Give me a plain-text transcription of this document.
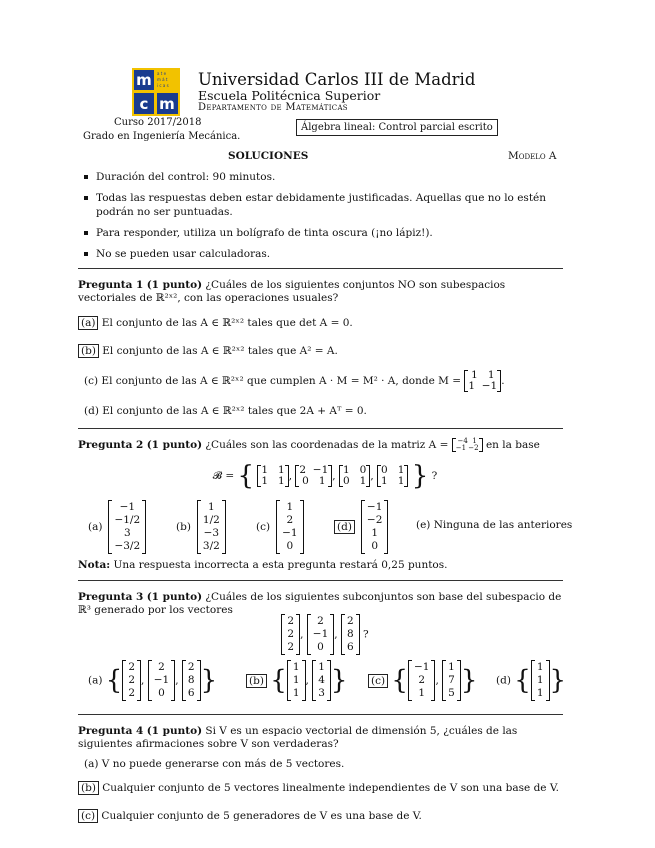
m
c m
a t e
m á t
i c a s Universidad Carlos III de Madrid
Escuela Politécnica Superior
Departamento de Matemáticas
Curso 2017/2018
Grado en Ingeniería Mecánica.
Álgebra lineal: Control parcial escrito
SOLUCIONES	Modelo A
Duración del control: 90 minutos.
Todas las respuestas deben estar debidamente justificadas. Aquellas que no lo estén podrán no ser puntuadas.
Para responder, utiliza un bolígrafo de tinta oscura (¡no lápiz!).
No se pueden usar calculadoras.
Pregunta 1 (1 punto) ¿Cuáles de los siguientes conjuntos NO son subespacios vectoriales de ℝ²ˣ², con las operaciones usuales?
(a) El conjunto de las A ∈ ℝ²ˣ² tales que det A = 0.
(b) El conjunto de las A ∈ ℝ²ˣ² tales que A² = A.
(c) El conjunto de las A ∈ ℝ²ˣ² que cumplen A · M = M² · A, donde M = 1   1
1  −1 .
(d) El conjunto de las A ∈ ℝ²ˣ² tales que 2A + Aᵀ = 0.
Pregunta 2 (1 punto) ¿Cuáles son las coordenadas de la matriz A = −4  1
−1 −2 en la base
𝓑 = { 1   1
1   1 , 2  −1
0   1 , 1   0
0   1 , 0   1
1   1 } ?
(a)−1
−1/2
3
−3/2
(b)1
1/2
−3
3/2
(c)1
2
−1
0
(d)−1
−2
1
0
(e) Ninguna de las anteriores
Nota: Una respuesta incorrecta a esta pregunta restará 0,25 puntos.
Pregunta 3 (1 punto) ¿Cuáles de los siguientes subconjuntos son base del subespacio de ℝ³ generado por los vectores
2
2
2, 2
−1
0, 2
8
6 ?
(a) { 2
2
2, 2
−1
0, 2
8
6 }	(b) { 1
1
1, 1
4
3 } (c) { −1
2
1, 1
7
5 } (d) { 1
1
1 }
Pregunta 4 (1 punto) Si V es un espacio vectorial de dimensión 5, ¿cuáles de las siguientes afirmaciones sobre V son verdaderas?
(a) V no puede generarse con más de 5 vectores.
(b) Cualquier conjunto de 5 vectores linealmente independientes de V son una base de V.
(c) Cualquier conjunto de 5 generadores de V es una base de V.
